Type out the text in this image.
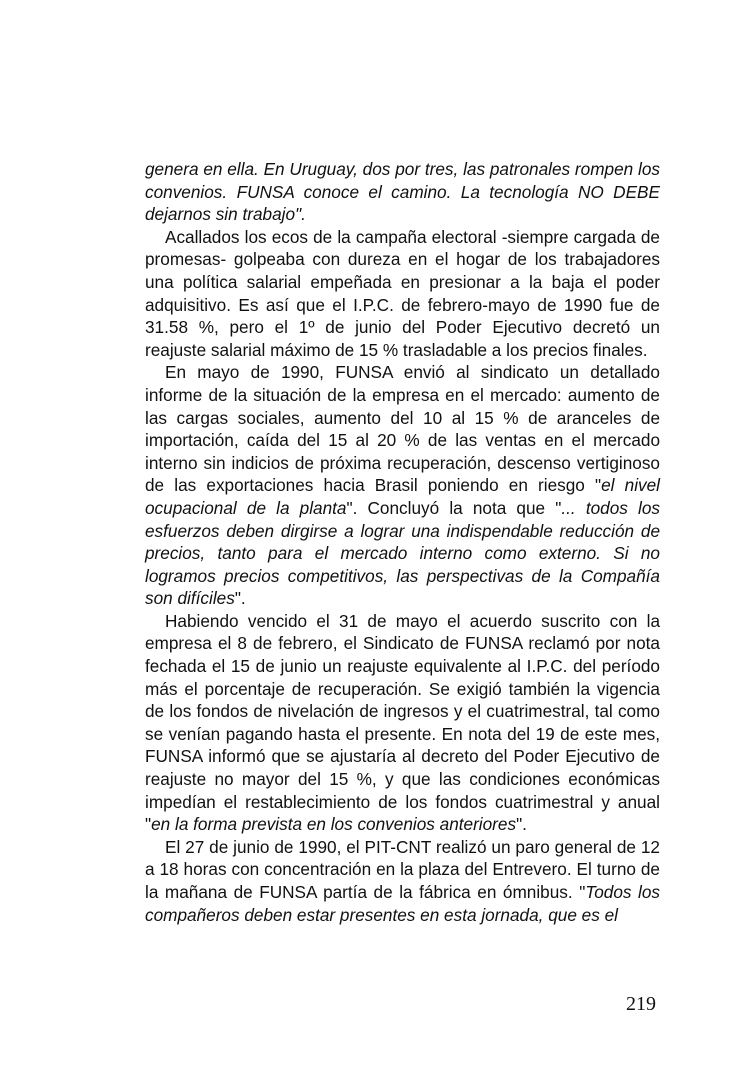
genera en ella. En Uruguay, dos por tres, las patronales rompen los convenios. FUNSA conoce el camino. La tecnología NO DEBE dejarnos sin trabajo".

Acallados los ecos de la campaña electoral -siempre cargada de promesas- golpeaba con dureza en el hogar de los trabajadores una política salarial empeñada en presionar a la baja el poder adquisitivo. Es así que el I.P.C. de febrero-mayo de 1990 fue de 31.58 %, pero el 1º de junio del Poder Ejecutivo decretó un reajuste salarial máximo de 15 % trasladable a los precios finales.

En mayo de 1990, FUNSA envió al sindicato un detallado informe de la situación de la empresa en el mercado: aumento de las cargas sociales, aumento del 10 al 15 % de aranceles de importación, caída del 15 al 20 % de las ventas en el mercado interno sin indicios de próxima recuperación, descenso vertiginoso de las exportaciones hacia Brasil poniendo en riesgo "el nivel ocupacional de la planta". Concluyó la nota que "... todos los esfuerzos deben dirgirse a lograr una indispendable reducción de precios, tanto para el mercado interno como externo. Si no logramos precios competitivos, las perspectivas de la Compañía son difíciles".

Habiendo vencido el 31 de mayo el acuerdo suscrito con la empresa el 8 de febrero, el Sindicato de FUNSA reclamó por nota fechada el 15 de junio un reajuste equivalente al I.P.C. del período más el porcentaje de recuperación. Se exigió también la vigencia de los fondos de nivelación de ingresos y el cuatrimestral, tal como se venían pagando hasta el presente. En nota del 19 de este mes, FUNSA informó que se ajustaría al decreto del Poder Ejecutivo de reajuste no mayor del 15 %, y que las condiciones económicas impedían el restablecimiento de los fondos cuatrimestral y anual "en la forma prevista en los convenios anteriores".

El 27 de junio de 1990, el PIT-CNT realizó un paro general de 12 a 18 horas con concentración en la plaza del Entrevero. El turno de la mañana de FUNSA partía de la fábrica en ómnibus. "Todos los compañeros deben estar presentes en esta jornada, que es el

219
